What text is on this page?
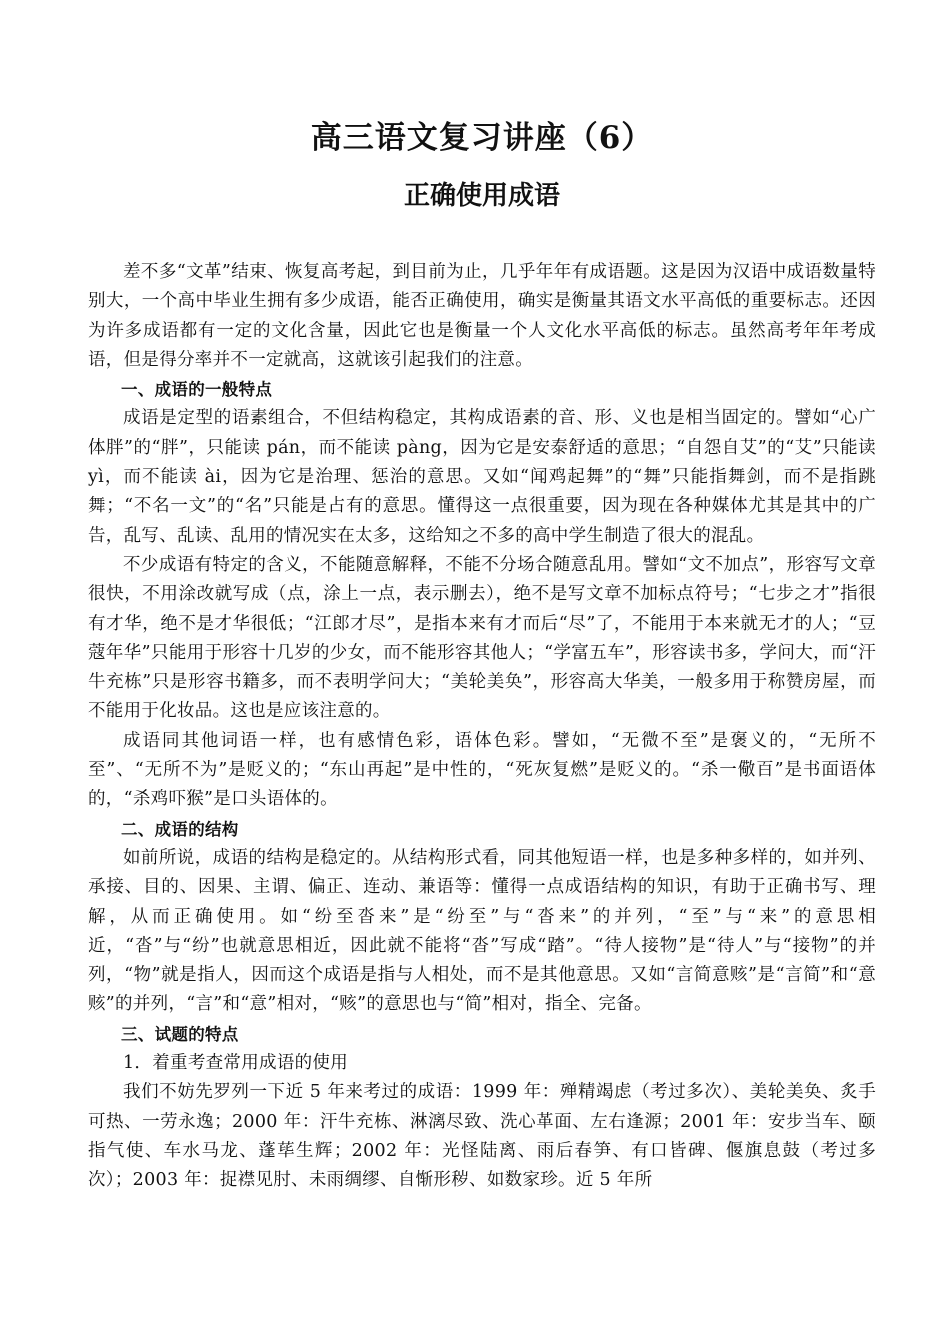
高三语文复习讲座（6）
正确使用成语

差不多“文革”结束、恢复高考起，到目前为止，几乎年年有成语题。这是因为汉语中成语数量特别大，一个高中毕业生拥有多少成语，能否正确使用，确实是衡量其语文水平高低的重要标志。还因为许多成语都有一定的文化含量，因此它也是衡量一个人文化水平高低的标志。虽然高考年年考成语，但是得分率并不一定就高，这就该引起我们的注意。

一、成语的一般特点

成语是定型的语素组合，不但结构稳定，其构成语素的音、形、义也是相当固定的。譬如“心广体胖”的“胖”，只能读 pán，而不能读 pàng，因为它是安泰舒适的意思；“自怨自艾”的“艾”只能读 yì，而不能读 ài，因为它是治理、惩治的意思。又如“闻鸡起舞”的“舞”只能指舞剑，而不是指跳舞；“不名一文”的“名”只能是占有的意思。懂得这一点很重要，因为现在各种媒体尤其是其中的广告，乱写、乱读、乱用的情况实在太多，这给知之不多的高中学生制造了很大的混乱。

不少成语有特定的含义，不能随意解释，不能不分场合随意乱用。譬如“文不加点”，形容写文章很快，不用涂改就写成（点，涂上一点，表示删去），绝不是写文章不加标点符号；“七步之才”指很有才华，绝不是才华很低；“江郎才尽”，是指本来有才而后“尽”了，不能用于本来就无才的人；“豆蔻年华”只能用于形容十几岁的少女，而不能形容其他人；“学富五车”，形容读书多，学问大，而“汗牛充栋”只是形容书籍多，而不表明学问大；“美轮美奂”，形容高大华美，一般多用于称赞房屋，而不能用于化妆品。这也是应该注意的。

成语同其他词语一样，也有感情色彩，语体色彩。譬如，“无微不至”是褒义的，“无所不至”、“无所不为”是贬义的；“东山再起”是中性的，“死灰复燃”是贬义的。“杀一儆百”是书面语体的，“杀鸡吓猴”是口头语体的。

二、成语的结构

如前所说，成语的结构是稳定的。从结构形式看，同其他短语一样，也是多种多样的，如并列、承接、目的、因果、主谓、偏正、连动、兼语等：懂得一点成语结构的知识，有助于正确书写、理解，从而正确使用。如“纷至沓来”是“纷至”与“沓来”的并列，“至”与“来”的意思相近，“沓”与“纷”也就意思相近，因此就不能将“沓”写成“踏”。“待人接物”是“待人”与“接物”的并列，“物”就是指人，因而这个成语是指与人相处，而不是其他意思。又如“言简意赅”是“言简”和“意赅”的并列，“言”和“意”相对，“赅”的意思也与“简”相对，指全、完备。

三、试题的特点

1．着重考查常用成语的使用

我们不妨先罗列一下近 5 年来考过的成语：1999 年：殚精竭虑（考过多次）、美轮美奂、炙手可热、一劳永逸；2000 年：汗牛充栋、淋漓尽致、洗心革面、左右逢源；2001 年：安步当车、颐指气使、车水马龙、蓬荜生辉；2002 年：光怪陆离、雨后春笋、有口皆碑、偃旗息鼓（考过多次）；2003 年：捉襟见肘、未雨绸缪、自惭形秽、如数家珍。近 5 年所
